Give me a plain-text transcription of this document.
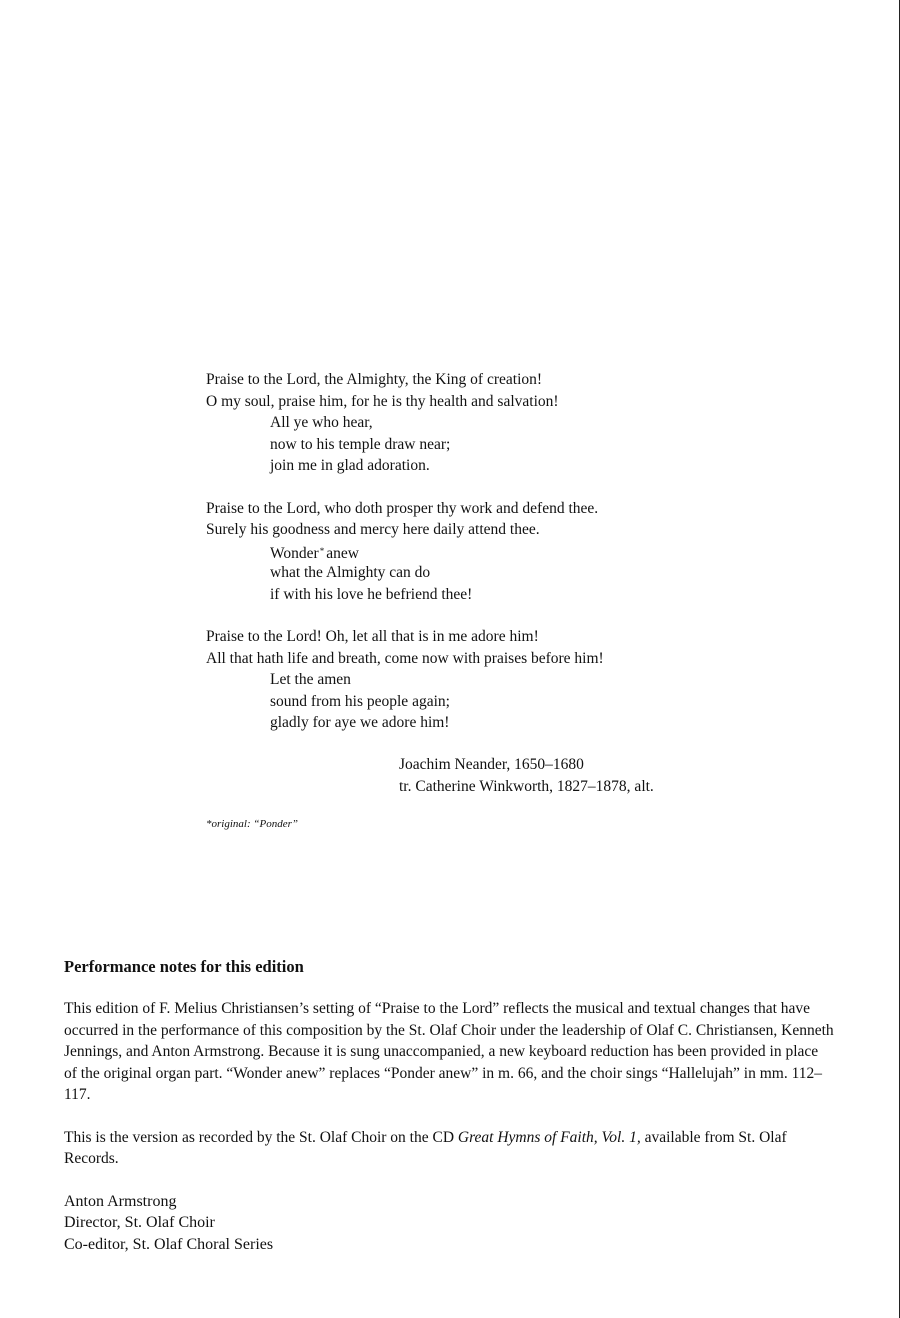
Praise to the Lord, the Almighty, the King of creation!
O my soul, praise him, for he is thy health and salvation!
All ye who hear,
now to his temple draw near;
join me in glad adoration.
Praise to the Lord, who doth prosper thy work and defend thee.
Surely his goodness and mercy here daily attend thee.
Wonder* anew
what the Almighty can do
if with his love he befriend thee!
Praise to the Lord! Oh, let all that is in me adore him!
All that hath life and breath, come now with praises before him!
Let the amen
sound from his people again;
gladly for aye we adore him!
Joachim Neander, 1650–1680
tr. Catherine Winkworth, 1827–1878, alt.
*original: “Ponder”
Performance notes for this edition

This edition of F. Melius Christiansen’s setting of “Praise to the Lord” reflects the musical and textual changes that have occurred in the performance of this composition by the St. Olaf Choir under the leadership of Olaf C. Christiansen, Kenneth Jennings, and Anton Armstrong. Because it is sung unaccompanied, a new keyboard reduction has been provided in place of the original organ part. “Wonder anew” replaces “Ponder anew” in m. 66, and the choir sings “Hallelujah” in mm. 112–117.

This is the version as recorded by the St. Olaf Choir on the CD Great Hymns of Faith, Vol. 1, available from St. Olaf Records.

Anton Armstrong
Director, St. Olaf Choir
Co-editor, St. Olaf Choral Series
